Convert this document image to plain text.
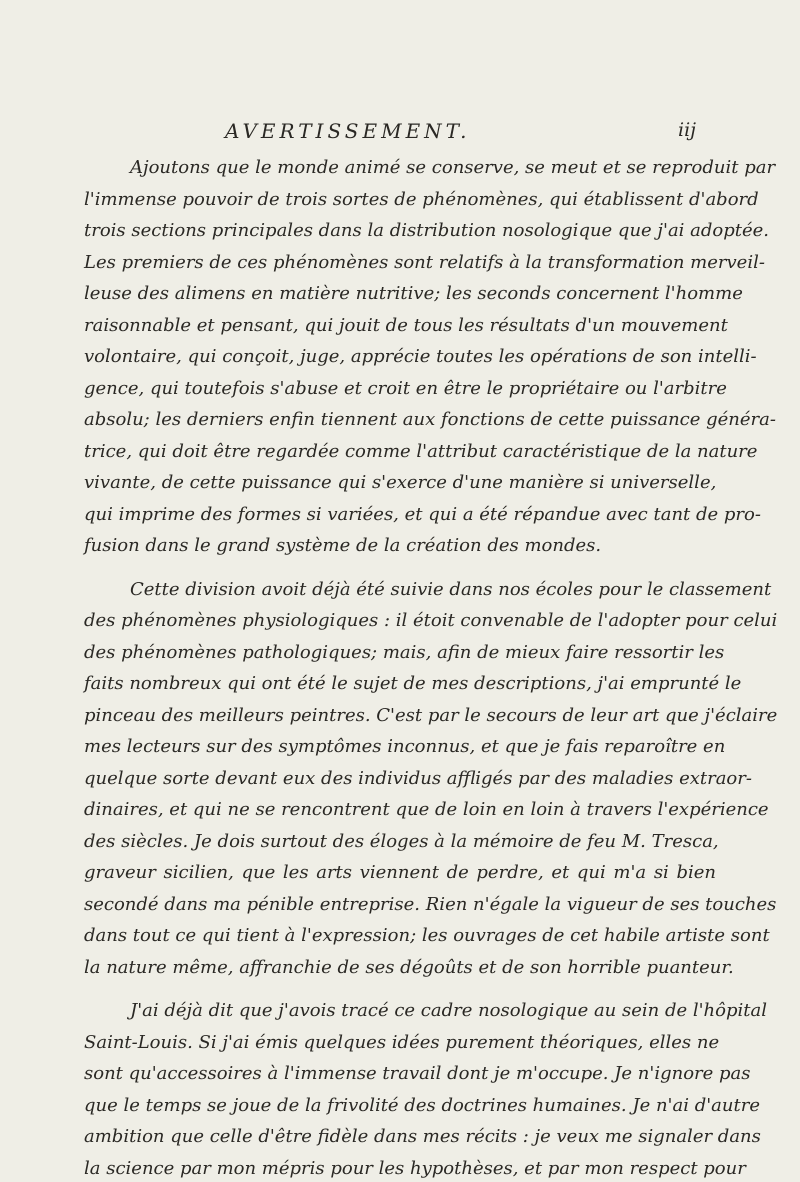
AVERTISSEMENT.	iij
Ajoutons que le monde animé se conserve, se meut et se reproduit par
l'immense pouvoir de trois sortes de phénomènes, qui établissent d'abord
trois sections principales dans la distribution nosologique que j'ai adoptée.
Les premiers de ces phénomènes sont relatifs à la transformation merveil-
leuse des alimens en matière nutritive; les seconds concernent l'homme
raisonnable et pensant, qui jouit de tous les résultats d'un mouvement
volontaire, qui conçoit, juge, apprécie toutes les opérations de son intelli-
gence, qui toutefois s'abuse et croit en être le propriétaire ou l'arbitre
absolu; les derniers enfin tiennent aux fonctions de cette puissance généra-
trice, qui doit être regardée comme l'attribut caractéristique de la nature
vivante, de cette puissance qui s'exerce d'une manière si universelle,
qui imprime des formes si variées, et qui a été répandue avec tant de pro-
fusion dans le grand système de la création des mondes.
Cette division avoit déjà été suivie dans nos écoles pour le classement
des phénomènes physiologiques : il étoit convenable de l'adopter pour celui
des phénomènes pathologiques; mais, afin de mieux faire ressortir les
faits nombreux qui ont été le sujet de mes descriptions, j'ai emprunté le
pinceau des meilleurs peintres. C'est par le secours de leur art que j'éclaire
mes lecteurs sur des symptômes inconnus, et que je fais reparoître en
quelque sorte devant eux des individus affligés par des maladies extraor-
dinaires, et qui ne se rencontrent que de loin en loin à travers l'expérience
des siècles. Je dois surtout des éloges à la mémoire de feu M. Tresca,
graveur sicilien, que les arts viennent de perdre, et qui m'a si bien
secondé dans ma pénible entreprise. Rien n'égale la vigueur de ses touches
dans tout ce qui tient à l'expression; les ouvrages de cet habile artiste sont
la nature même, affranchie de ses dégoûts et de son horrible puanteur.
J'ai déjà dit que j'avois tracé ce cadre nosologique au sein de l'hôpital
Saint-Louis. Si j'ai émis quelques idées purement théoriques, elles ne
sont qu'accessoires à l'immense travail dont je m'occupe. Je n'ignore pas
que le temps se joue de la frivolité des doctrines humaines. Je n'ai d'autre
ambition que celle d'être fidèle dans mes récits : je veux me signaler dans
la science par mon mépris pour les hypothèses, et par mon respect pour
